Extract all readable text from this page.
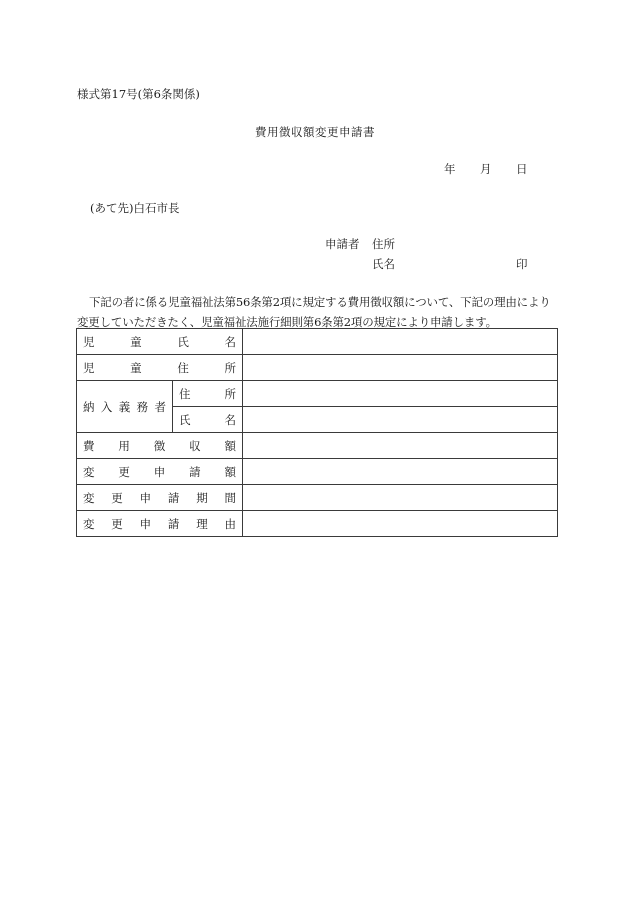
様式第17号(第6条関係)
費用徴収額変更申請書
年 月 日
(あて先)白石市長
申請者 住所
氏名	印
下記の者に係る児童福祉法第56条第2項に規定する費用徴収額について、下記の理由により変更していただきたく、児童福祉法施行細則第6条第2項の規定により申請します。
児童氏名		
児童住所		
納入義務者	住所	
	氏名	
費用徴収額		
変更申請額		
変更申請期間		
変更申請理由		
